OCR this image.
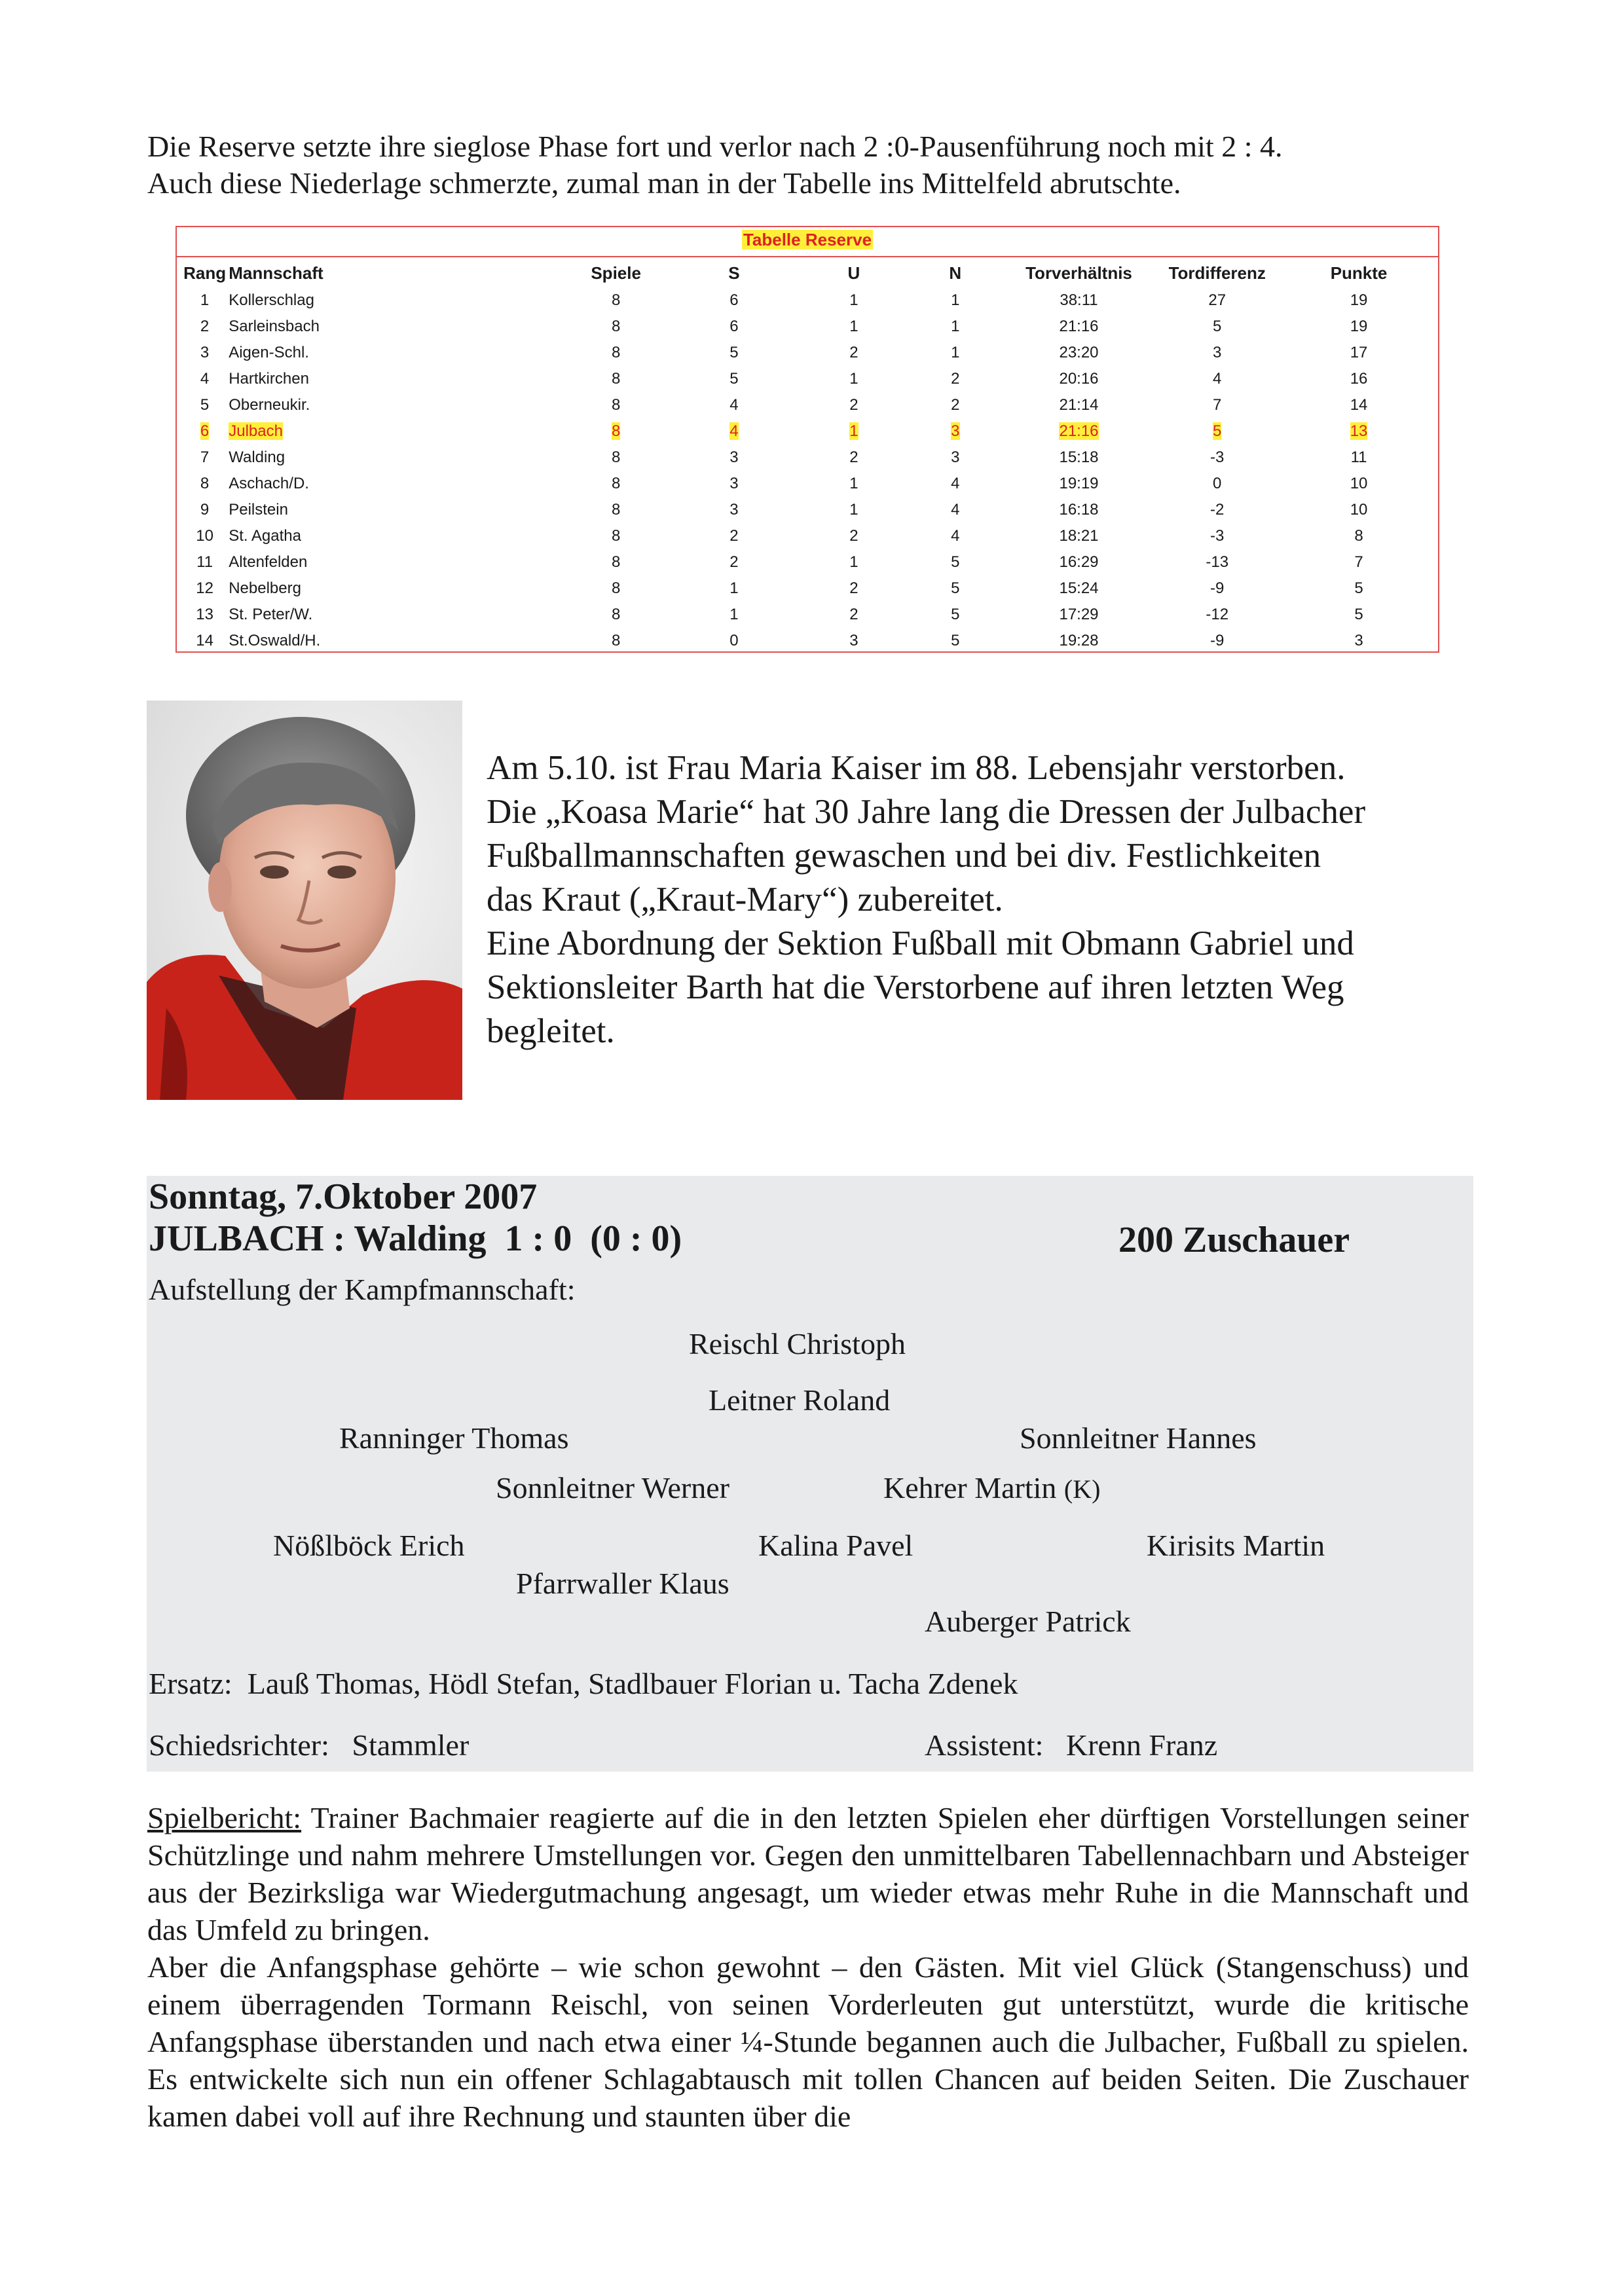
Die Reserve setzte ihre sieglose Phase fort und verlor nach 2 :0-Pausenführung noch mit 2 : 4.

Auch diese Niederlage schmerzte, zumal man in der Tabelle ins Mittelfeld abrutschte.

Tabelle Reserve
Rang	Mannschaft	Spiele	S	U	N	Torverhältnis	Tordifferenz	Punkte
1	Kollerschlag	8	6	1	1	38:11	27	19
2	Sarleinsbach	8	6	1	1	21:16	5	19
3	Aigen-Schl.	8	5	2	1	23:20	3	17
4	Hartkirchen	8	5	1	2	20:16	4	16
5	Oberneukir.	8	4	2	2	21:14	7	14
6	Julbach	8	4	1	3	21:16	5	13
7	Walding	8	3	2	3	15:18	-3	11
8	Aschach/D.	8	3	1	4	19:19	0	10
9	Peilstein	8	3	1	4	16:18	-2	10
10	St. Agatha	8	2	2	4	18:21	-3	8
11	Altenfelden	8	2	1	5	16:29	-13	7
12	Nebelberg	8	1	2	5	15:24	-9	5
13	St. Peter/W.	8	1	2	5	17:29	-12	5
14	St.Oswald/H.	8	0	3	5	19:28	-9	3

Am 5.10. ist Frau Maria Kaiser im 88. Lebensjahr verstorben.

Die „Koasa Marie“ hat 30 Jahre lang die Dressen der Julbacher

Fußballmannschaften gewaschen und bei div. Festlichkeiten

das Kraut („Kraut-Mary“) zubereitet.

Eine Abordnung der Sektion Fußball mit Obmann Gabriel und

Sektionsleiter Barth hat die Verstorbene auf ihren letzten Weg

begleitet.

Sonntag, 7.Oktober 2007
JULBACH : Walding  1 : 0  (0 : 0)	200 Zuschauer
Aufstellung der Kampfmannschaft:
Reischl Christoph
Leitner Roland
Ranninger Thomas	Sonnleitner Hannes
Sonnleitner Werner	Kehrer Martin (K)
Nößlböck Erich	Kalina Pavel	Kirisits Martin
Pfarrwaller Klaus
Auberger Patrick
Ersatz: Lauß Thomas, Hödl Stefan, Stadlbauer Florian u. Tacha Zdenek
Schiedsrichter: Stammler	Assistent: Krenn Franz

Spielbericht: Trainer Bachmaier reagierte auf die in den letzten Spielen eher dürftigen Vorstellungen seiner Schützlinge und nahm mehrere Umstellungen vor. Gegen den unmittelbaren Tabellennachbarn und Absteiger aus der Bezirksliga war Wiedergutmachung angesagt, um wieder etwas mehr Ruhe in die Mannschaft und das Umfeld zu bringen.

Aber die Anfangsphase gehörte – wie schon gewohnt – den Gästen. Mit viel Glück (Stangenschuss) und einem überragenden Tormann Reischl, von seinen Vorderleuten gut unterstützt, wurde die kritische Anfangsphase überstanden und nach etwa einer ¼-Stunde begannen auch die Julbacher, Fußball zu spielen. Es entwickelte sich nun ein offener Schlagabtausch mit tollen Chancen auf beiden Seiten. Die Zuschauer kamen dabei voll auf ihre Rechnung und staunten über die
